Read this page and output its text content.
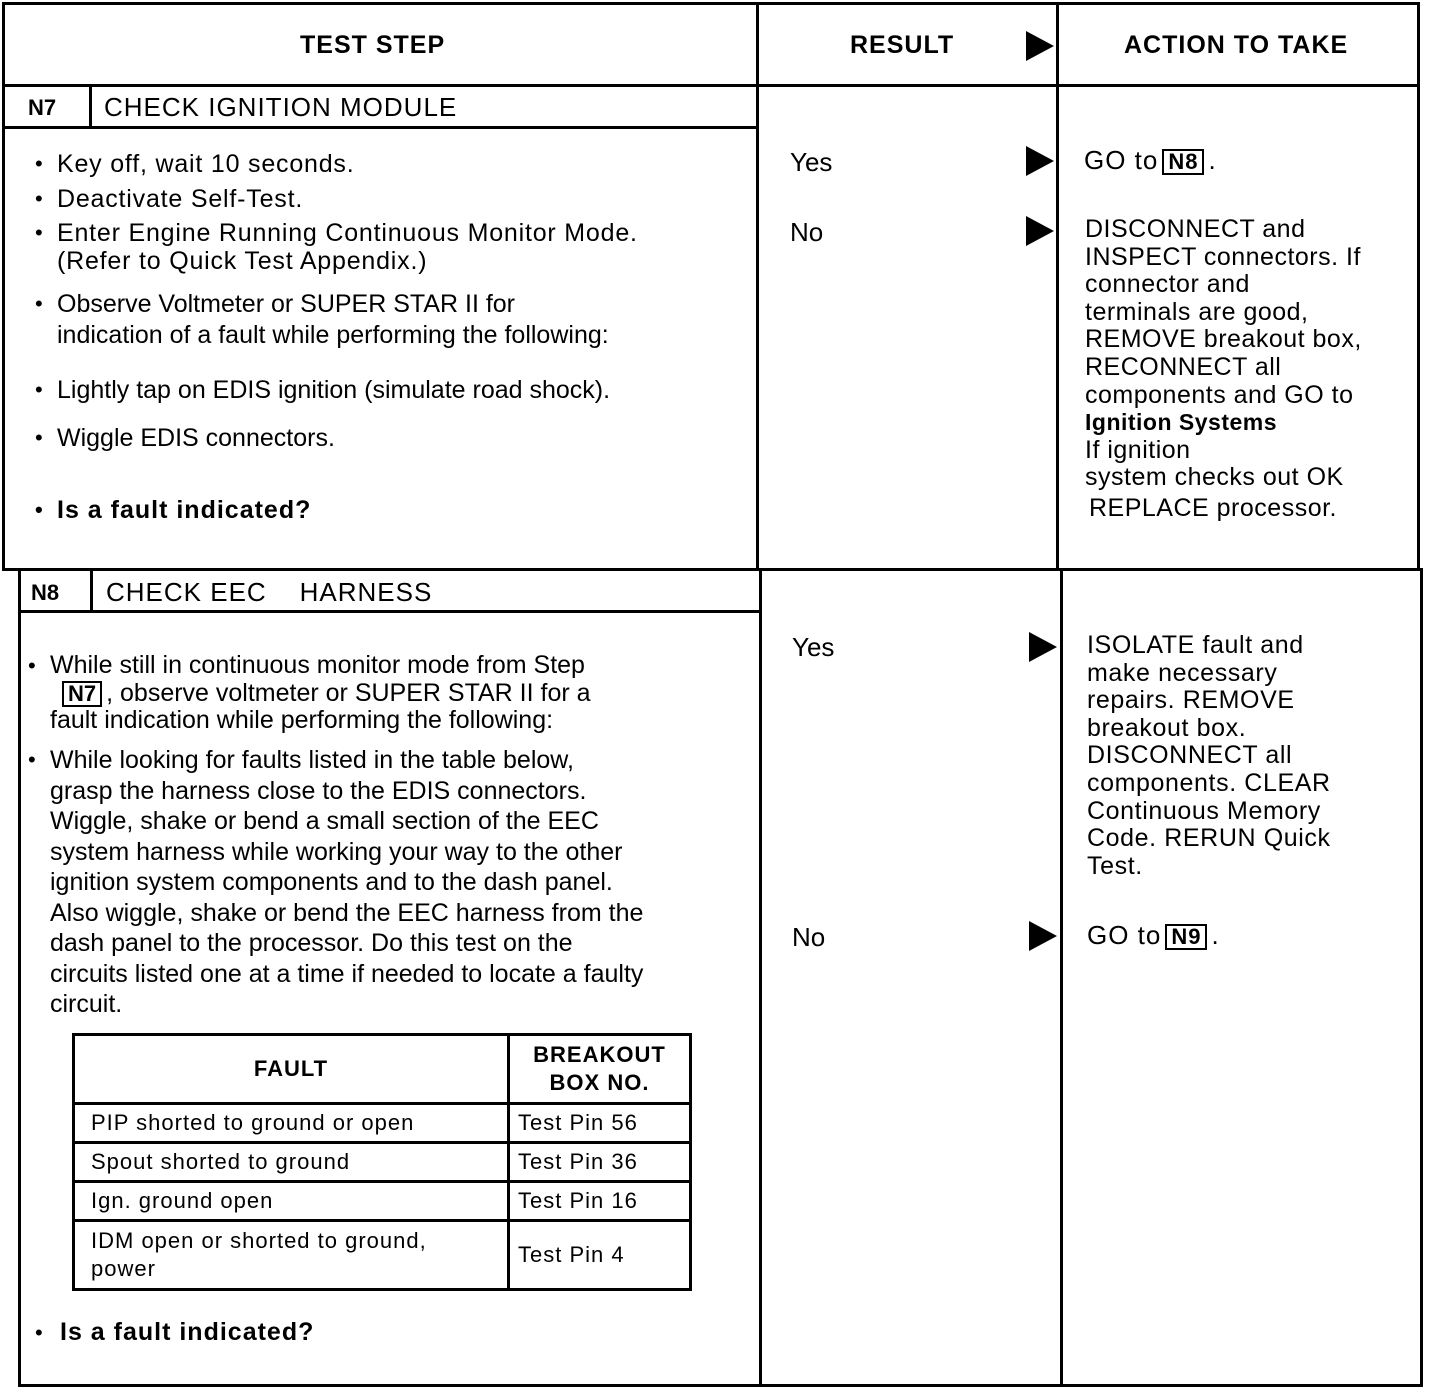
TEST STEP	RESULT	ACTION TO TAKE
N7 CHECK IGNITION MODULE
• Key off, wait 10 seconds.
• Deactivate Self-Test.
• Enter Engine Running Continuous Monitor Mode.
(Refer to Quick Test Appendix.)
• Observe Voltmeter or SUPER STAR II for
indication of a fault while performing the following:
• Lightly tap on EDIS ignition (simulate road shock).
• Wiggle EDIS connectors.
• Is a fault indicated?
Yes	GO to N8 .
No	DISCONNECT and
INSPECT connectors. If
connector and
terminals are good,
REMOVE breakout box,
RECONNECT all
components and GO to
Ignition Systems
If ignition
system checks out OK
REPLACE processor.
N8 CHECK EEC    HARNESS
• While still in continuous monitor mode from Step
N7 , observe voltmeter or SUPER STAR II for a
fault indication while performing the following:
• While looking for faults listed in the table below,
grasp the harness close to the EDIS connectors.
Wiggle, shake or bend a small section of the EEC
system harness while working your way to the other
ignition system components and to the dash panel.
Also wiggle, shake or bend the EEC harness from the
dash panel to the processor. Do this test on the
circuits listed one at a time if needed to locate a faulty
circuit.
FAULT	BREAKOUT
BOX NO.

PIP shorted to ground or open	Test Pin 56
Spout shorted to ground	Test Pin 36
Ign. ground open	Test Pin 16
IDM open or shorted to ground, power	Test Pin 4
Is a fault indicated?
•
Yes	ISOLATE fault and
make necessary
repairs. REMOVE
breakout box.
DISCONNECT all
components. CLEAR
Continuous Memory
Code. RERUN Quick
Test.
No	GO to N9 .
